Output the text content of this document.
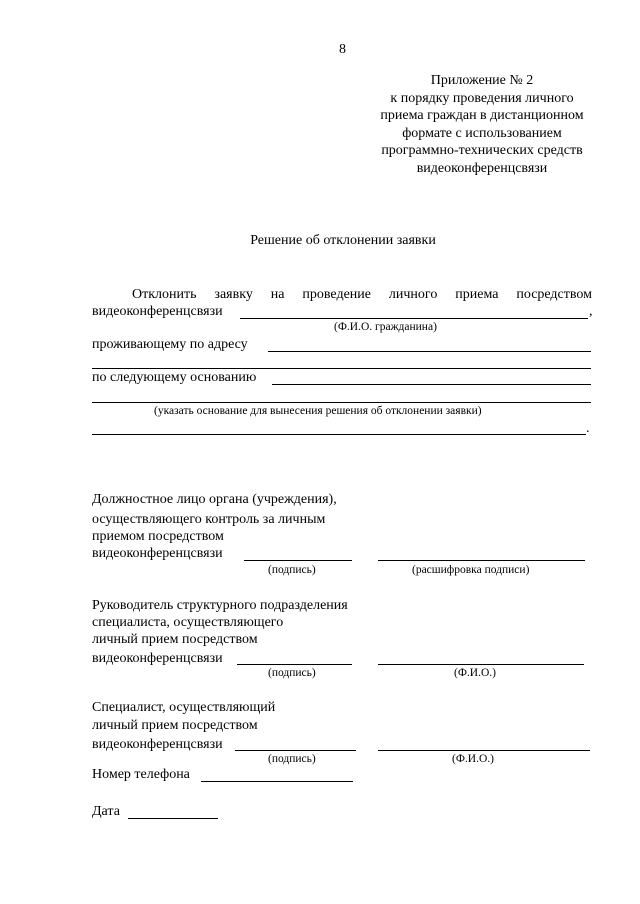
8
Приложение № 2
к порядку проведения личного
приема граждан в дистанционном
формате с использованием
программно-технических средств
видеоконференцсвязи
Решение об отклонении заявки
Отклонить заявку на проведение личного приема посредством
видеоконференцсвязи	,
(Ф.И.О. гражданина)
проживающему по адресу
по следующему основанию
(указать основание для вынесения решения об отклонении заявки)
.
Должностное лицо органа (учреждения),
осуществляющего контроль за личным
приемом посредством
видеоконференцсвязи
(подпись)	(расшифровка подписи)
Руководитель структурного подразделения
специалиста, осуществляющего
личный прием посредством
видеоконференцсвязи
(подпись)	(Ф.И.О.)
Специалист, осуществляющий
личный прием посредством
видеоконференцсвязи
(подпись)	(Ф.И.О.)
Номер телефона
Дата
